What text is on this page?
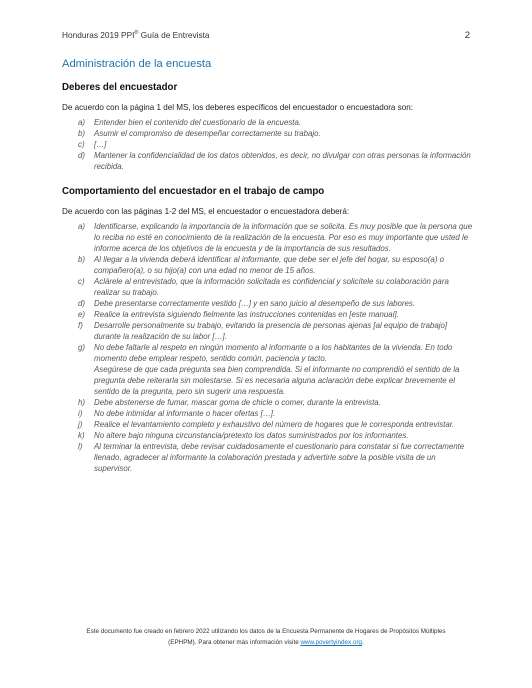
Honduras 2019 PPI® Guía de Entrevista	2
Administración de la encuesta
Deberes del encuestador

De acuerdo con la página 1 del MS, los deberes específicos del encuestador o encuestadora son:

a)	Entender bien el contenido del cuestionario de la encuesta.
b)	Asumir el compromiso de desempeñar correctamente su trabajo.
c)	[…]
d)	Mantener la confidencialidad de los datos obtenidos, es decir, no divulgar con otras personas la información recibida.
Comportamiento del encuestador en el trabajo de campo

De acuerdo con las páginas 1-2 del MS, el encuestador o encuestadora deberá:

a)	Identificarse, explicando la importancia de la información que se solicita. Es muy posible que la persona que lo reciba no esté en conocimiento de la realización de la encuesta. Por eso es muy importante que usted le informe acerca de los objetivos de la encuesta y de la importancia de sus resultados.
b)	Al llegar a la vivienda deberá identificar al informante, que debe ser el jefe del hogar, su esposo(a) o compañero(a), o su hijo(a) con una edad no menor de 15 años.
c)	Aclárele al entrevistado, que la información solicitada es confidencial y solicítele su colaboración para realizar su trabajo.
d)	Debe presentarse correctamente vestido […] y en sano juicio al desempeño de sus labores.
e)	Realice la entrevista siguiendo fielmente las instrucciones contenidas en [este manual].
f)	Desarrolle personalmente su trabajo, evitando la presencia de personas ajenas [al equipo de trabajo] durante la realización de su labor […].
g)	No debe faltarle al respeto en ningún momento al informante o a los habitantes de la vivienda. En todo momento debe emplear respeto, sentido común, paciencia y tacto.
Asegúrese de que cada pregunta sea bien comprendida. Si el informante no comprendió el sentido de la pregunta debe reiterarla sin molestarse. Si es necesaria alguna aclaración debe explicar brevemente el sentido de la pregunta, pero sin sugerir una respuesta.
h)	Debe abstenerse de fumar, mascar goma de chicle o comer, durante la entrevista.
i)	No debe intimidar al informante o hacer ofertas […].
j)	Realice el levantamiento completo y exhaustivo del número de hogares que le corresponda entrevistar.
k)	No altere bajo ninguna circunstancia/pretexto los datos suministrados por los informantes.
l)	Al terminar la entrevista, debe revisar cuidadosamente el cuestionario para constatar si fue correctamente llenado, agradecer al informante la colaboración prestada y advertirle sobre la posible visita de un supervisor.
Este documento fue creado en febrero 2022 utilizando los datos de la Encuesta Permanente de Hogares de Propósitos Múltiples
(EPHPM). Para obtener más información visite www.povertyindex.org.
